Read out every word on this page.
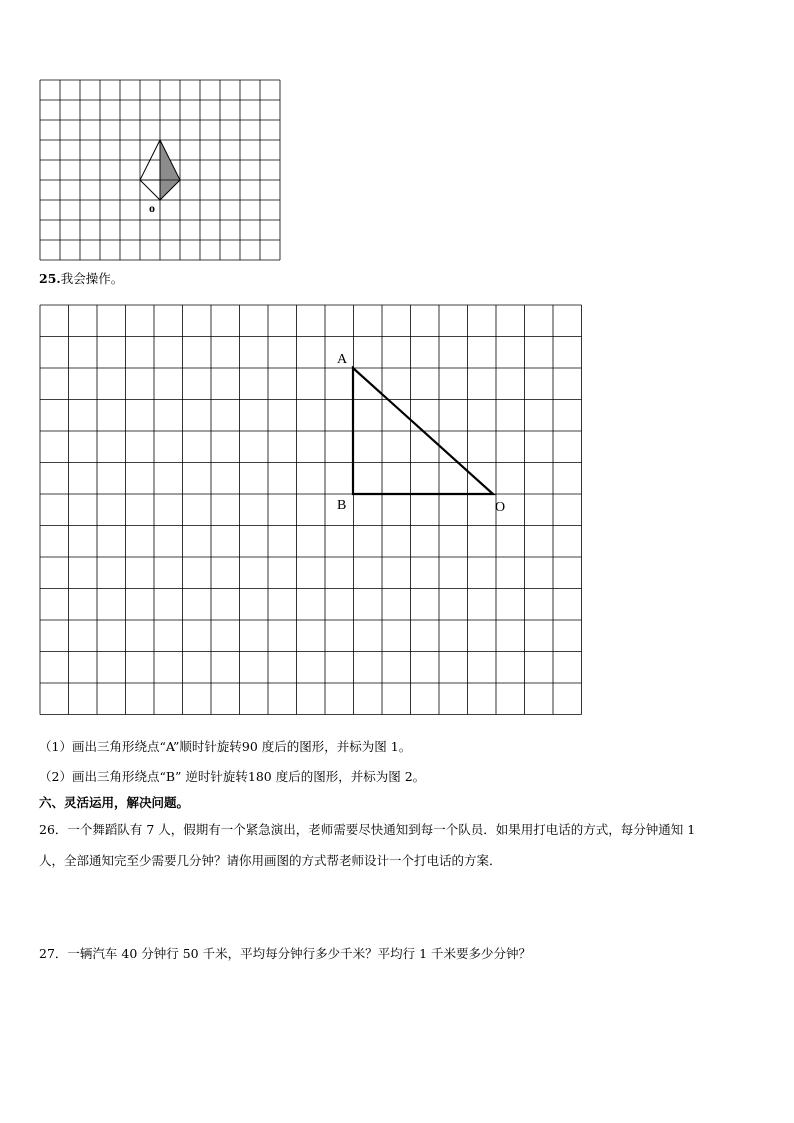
o
25.我会操作。
A
B	O
（1）画出三角形绕点“A”顺时针旋转90 度后的图形，并标为图 1。
（2）画出三角形绕点“B” 逆时针旋转180 度后的图形，并标为图 2。
六、灵活运用，解决问题。
26．一个舞蹈队有 7 人，假期有一个紧急演出，老师需要尽快通知到每一个队员．如果用打电话的方式，每分钟通知 1
人，全部通知完至少需要几分钟？请你用画图的方式帮老师设计一个打电话的方案．
27．一辆汽车 40 分钟行 50 千米，平均每分钟行多少千米？平均行 1 千米要多少分钟？
